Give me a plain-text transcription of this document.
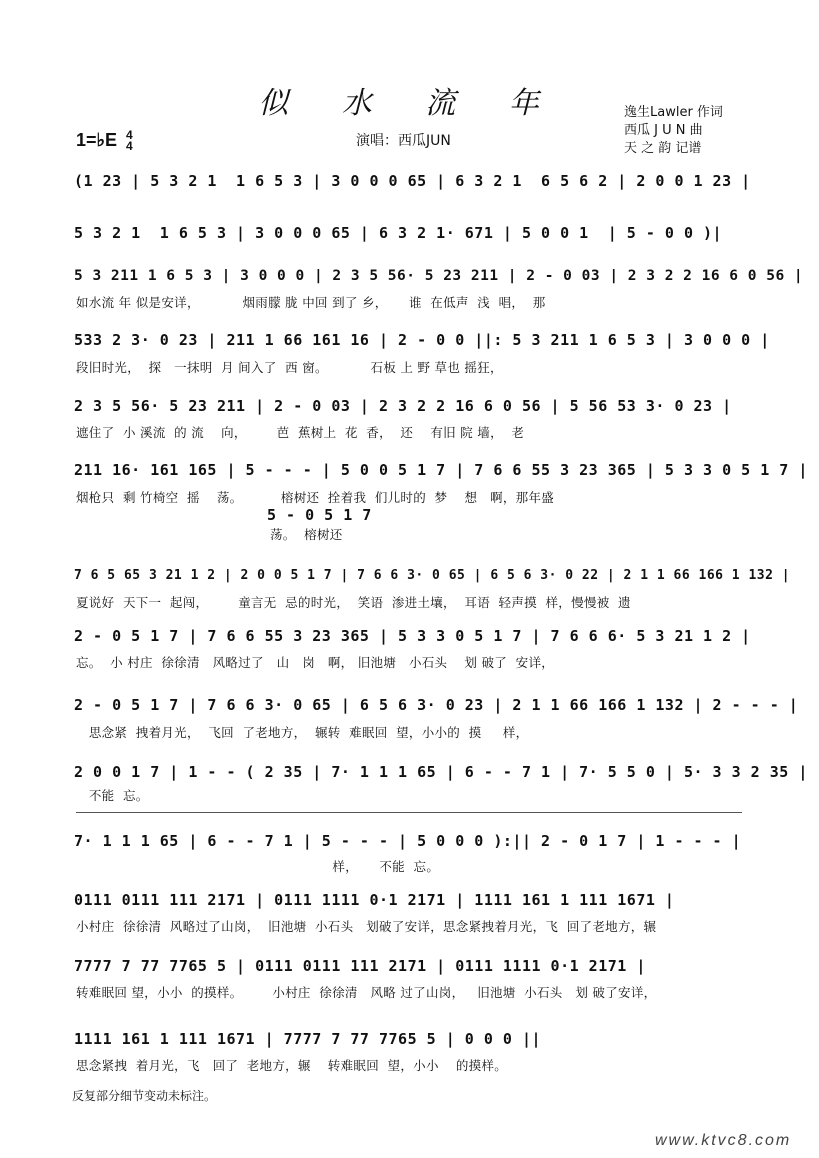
似 水 流 年
1=♭E 4
4	演唱：西瓜JUN
逸生Lawler 作词
西瓜 J U N 曲
天 之 韵 记谱
(1 23 | 5 3 2 1  1 6 5 3 | 3 0 0 0 65 | 6 3 2 1  6 5 6 2 | 2 0 0 1 23 |
5 3 2 1  1 6 5 3 | 3 0 0 0 65 | 6 3 2 1· 671 | 5 0 0 1  | 5 - 0 0 )|
5 3 211 1 6 5 3 | 3 0 0 0 | 2 3 5 56· 5 23 211 | 2 - 0 03 | 2 3 2 2 16 6 0 56 |
如水流 年 似是安详，          烟雨朦 胧 中回 到了 乡，     谁  在低声  浅  唱，  那
533 2 3· 0 23 | 211 1 66 161 16 | 2 - 0 0 ||: 5 3 211 1 6 5 3 | 3 0 0 0 |
段旧时光，  探   一抹明  月 间入了  西 窗。          石板 上 野 草也 摇狂，
2 3 5 56· 5 23 211 | 2 - 0 03 | 2 3 2 2 16 6 0 56 | 5 56 53 3· 0 23 |
遮住了  小 溪流  的 流    向，       芭  蕉树上  花  香，  还    有旧 院 墙，  老
211 16· 161 165 | 5 - - - | 5 0 0 5 1 7 | 7 6 6 55 3 23 365 | 5 3 3 0 5 1 7 |
烟枪只  剩 竹椅空  摇    荡。         榕树还  拴着我  们儿时的  梦    想   啊，那年盛
5 - 0 5 1 7
荡。  榕树还
7 6 5 65 3 21 1 2 | 2 0 0 5 1 7 | 7 6 6 3· 0 65 | 6 5 6 3· 0 22 | 2 1 1 66 166 1 132 |
夏说好  天下一  起闯，       童言无  忌的时光，  笑语  渗进土壤，  耳语  轻声摸  样，慢慢被  遗
2 - 0 5 1 7 | 7 6 6 55 3 23 365 | 5 3 3 0 5 1 7 | 7 6 6 6· 5 3 21 1 2 |
忘。  小 村庄  徐徐清   风略过了   山   岗   啊， 旧池塘   小石头    划 破了  安详，
2 - 0 5 1 7 | 7 6 6 3· 0 65 | 6 5 6 3· 0 23 | 2 1 1 66 166 1 132 | 2 - - - |
思念紧  拽着月光，  飞回  了老地方，  辗转  难眠回  望，小小的  摸     样，
2 0 0 1 7 | 1 - - ( 2 35 | 7· 1 1 1 65 | 6 - - 7 1 | 7· 5 5 0 | 5· 3 3 2 35 |
不能  忘。
7· 1 1 1 65 | 6 - - 7 1 | 5 - - - | 5 0 0 0 ):|| 2 - 0 1 7 | 1 - - - |
样，     不能  忘。
0111 0111 111 2171 | 0111 1111 0·1 2171 | 1111 161 1 111 1671 |
小村庄  徐徐清  风略过了山岗，  旧池塘  小石头   划破了安详，思念紧拽着月光，飞  回了老地方，辗
7777 7 77 7765 5 | 0111 0111 111 2171 | 0111 1111 0·1 2171 |
转难眠回 望，小小  的摸样。       小村庄  徐徐清   风略 过了山岗，   旧池塘  小石头   划 破了安详，
1111 161 1 111 1671 | 7777 7 77 7765 5 | 0 0 0 ||
思念紧拽  着月光，飞   回了  老地方，辗    转难眠回  望，小小    的摸样。
反复部分细节变动未标注。
www.ktvc8.com
